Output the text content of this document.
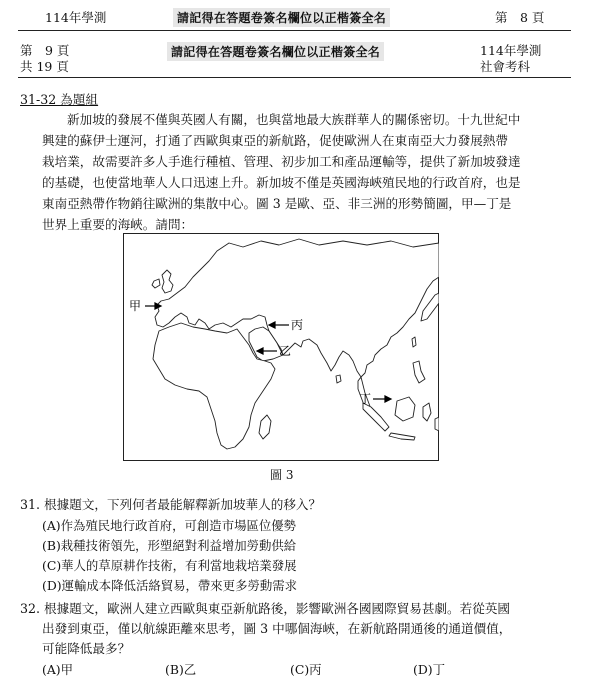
114年學測	請記得在答題卷簽名欄位以正楷簽全名	第　8 頁
第　9 頁
共 19 頁
請記得在答題卷簽名欄位以正楷簽全名	114年學測
社會考科
31-32 為題組
新加坡的發展不僅與英國人有關，也與當地最大族群華人的關係密切。十九世紀中
興建的蘇伊士運河，打通了西歐與東亞的新航路，促使歐洲人在東南亞大力發展熱帶
栽培業，故需要許多人手進行種植、管理、初步加工和產品運輸等，提供了新加坡發達
的基礎，也使當地華人人口迅速上升。新加坡不僅是英國海峽殖民地的行政首府，也是
東南亞熱帶作物銷往歐洲的集散中心。圖 3 是歐、亞、非三洲的形勢簡圖，甲—丁是
世界上重要的海峽。請問：
甲
丙
乙
丁
圖 3
31. 根據題文，下列何者最能解釋新加坡華人的移入？
(A)作為殖民地行政首府，可創造市場區位優勢
(B)栽種技術領先，形塑絕對利益增加勞動供給
(C)華人的草原耕作技術，有利當地栽培業發展
(D)運輸成本降低活絡貿易，帶來更多勞動需求
32. 根據題文，歐洲人建立西歐與東亞新航路後，影響歐洲各國國際貿易甚劇。若從英國
出發到東亞，僅以航線距離來思考，圖 3 中哪個海峽，在新航路開通後的通道價值，
可能降低最多？
(A)甲	(B)乙	(C)丙	(D)丁
